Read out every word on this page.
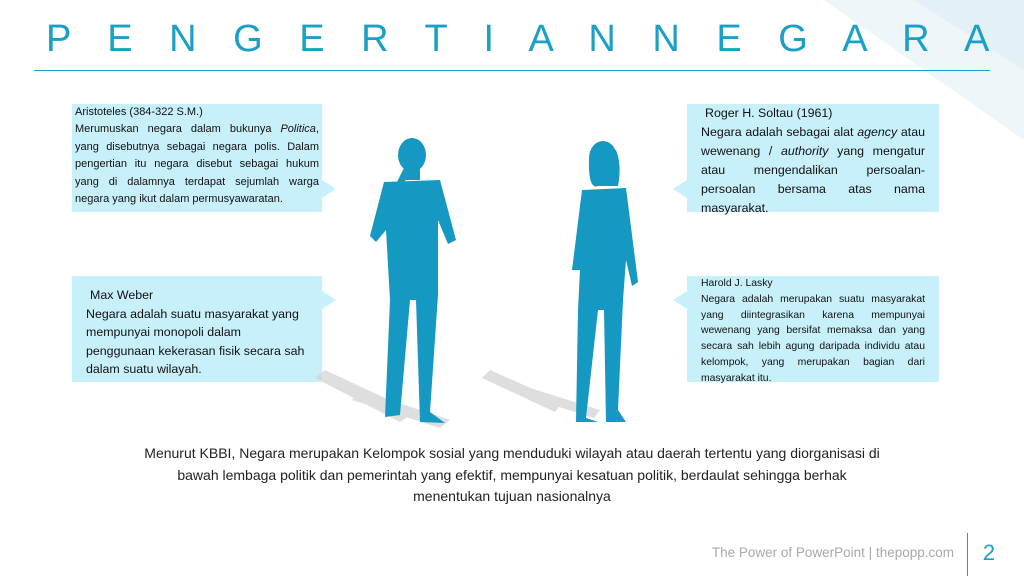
P E N G E R T I A N N E G A R A
Aristoteles (384-322 S.M.)
Merumuskan negara dalam bukunya Politica, yang disebutnya sebagai negara polis. Dalam pengertian itu negara disebut sebagai hukum yang di dalamnya terdapat sejumlah warga negara yang ikut dalam permusyawaratan.
Max Weber
Negara adalah suatu masyarakat yang mempunyai monopoli dalam penggunaan kekerasan fisik secara sah dalam suatu wilayah.
Roger H. Soltau (1961)
Negara adalah sebagai alat agency atau wewenang / authority yang mengatur atau mengendalikan persoalan-persoalan bersama atas nama masyarakat.
Harold J. Lasky
Negara adalah merupakan suatu masyarakat yang diintegrasikan karena mempunyai wewenang yang bersifat memaksa dan yang secara sah lebih agung daripada individu atau kelompok, yang merupakan bagian dari masyarakat itu.
Menurut KBBI, Negara merupakan Kelompok sosial yang menduduki wilayah atau daerah tertentu yang diorganisasi di bawah lembaga politik dan pemerintah yang efektif, mempunyai kesatuan politik, berdaulat sehingga berhak menentukan tujuan nasionalnya
The Power of PowerPoint | thepopp.com	2
